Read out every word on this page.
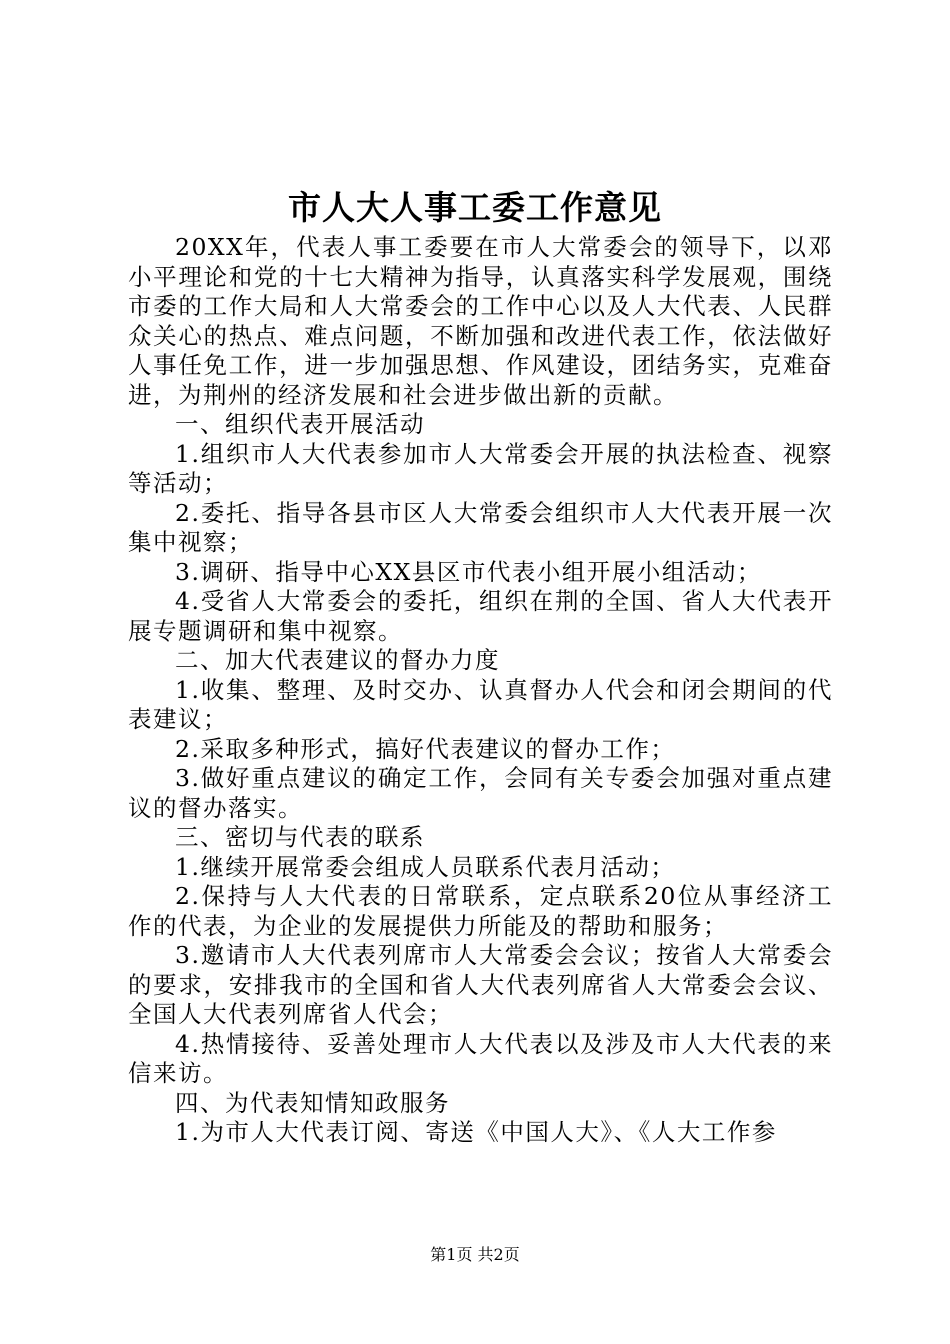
市人大人事工委工作意见

20XX年，代表人事工委要在市人大常委会的领导下，以邓小平理论和党的十七大精神为指导，认真落实科学发展观，围绕市委的工作大局和人大常委会的工作中心以及人大代表、人民群众关心的热点、难点问题，不断加强和改进代表工作，依法做好人事任免工作，进一步加强思想、作风建设，团结务实，克难奋进，为荆州的经济发展和社会进步做出新的贡献。

一、组织代表开展活动

1.组织市人大代表参加市人大常委会开展的执法检查、视察等活动；

2.委托、指导各县市区人大常委会组织市人大代表开展一次集中视察；

3.调研、指导中心XX县区市代表小组开展小组活动；

4.受省人大常委会的委托，组织在荆的全国、省人大代表开展专题调研和集中视察。

二、加大代表建议的督办力度

1.收集、整理、及时交办、认真督办人代会和闭会期间的代表建议；

2.采取多种形式，搞好代表建议的督办工作；

3.做好重点建议的确定工作，会同有关专委会加强对重点建议的督办落实。

三、密切与代表的联系

1.继续开展常委会组成人员联系代表月活动；

2.保持与人大代表的日常联系，定点联系20位从事经济工作的代表，为企业的发展提供力所能及的帮助和服务；

3.邀请市人大代表列席市人大常委会会议；按省人大常委会的要求，安排我市的全国和省人大代表列席省人大常委会会议、全国人大代表列席省人代会；

4.热情接待、妥善处理市人大代表以及涉及市人大代表的来信来访。

四、为代表知情知政服务

1.为市人大代表订阅、寄送《中国人大》、《人大工作参

第1页 共2页
